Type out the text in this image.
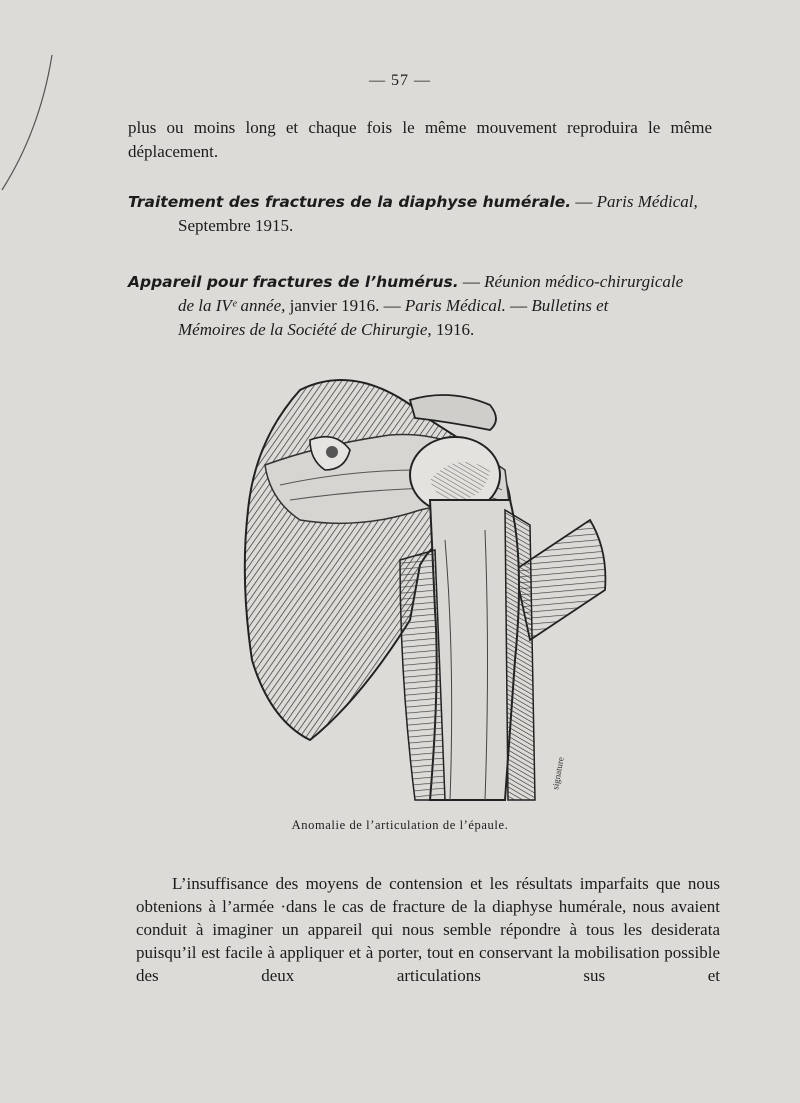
— 57 —
plus ou moins long et chaque fois le même mouvement reproduira le même déplacement.
Traitement des fractures de la diaphyse humérale. — Paris Médical,
Septembre 1915.
Appareil pour fractures de l’humérus. — Réunion médico-chirurgicale
de la IVᵉ année, janvier 1916. — Paris Médical. — Bulletins et
Mémoires de la Société de Chirurgie, 1916.
signature
Anomalie de l’articulation de l’épaule.
L’insuffisance des moyens de contension et les résultats imparfaits que nous obtenions à l’armée ·dans le cas de fracture de la diaphyse humérale, nous avaient conduit à imaginer un appareil qui nous semble répondre à tous les desiderata puisqu’il est facile à appliquer et à porter, tout en conservant la mobilisation possible des deux articulations sus et
